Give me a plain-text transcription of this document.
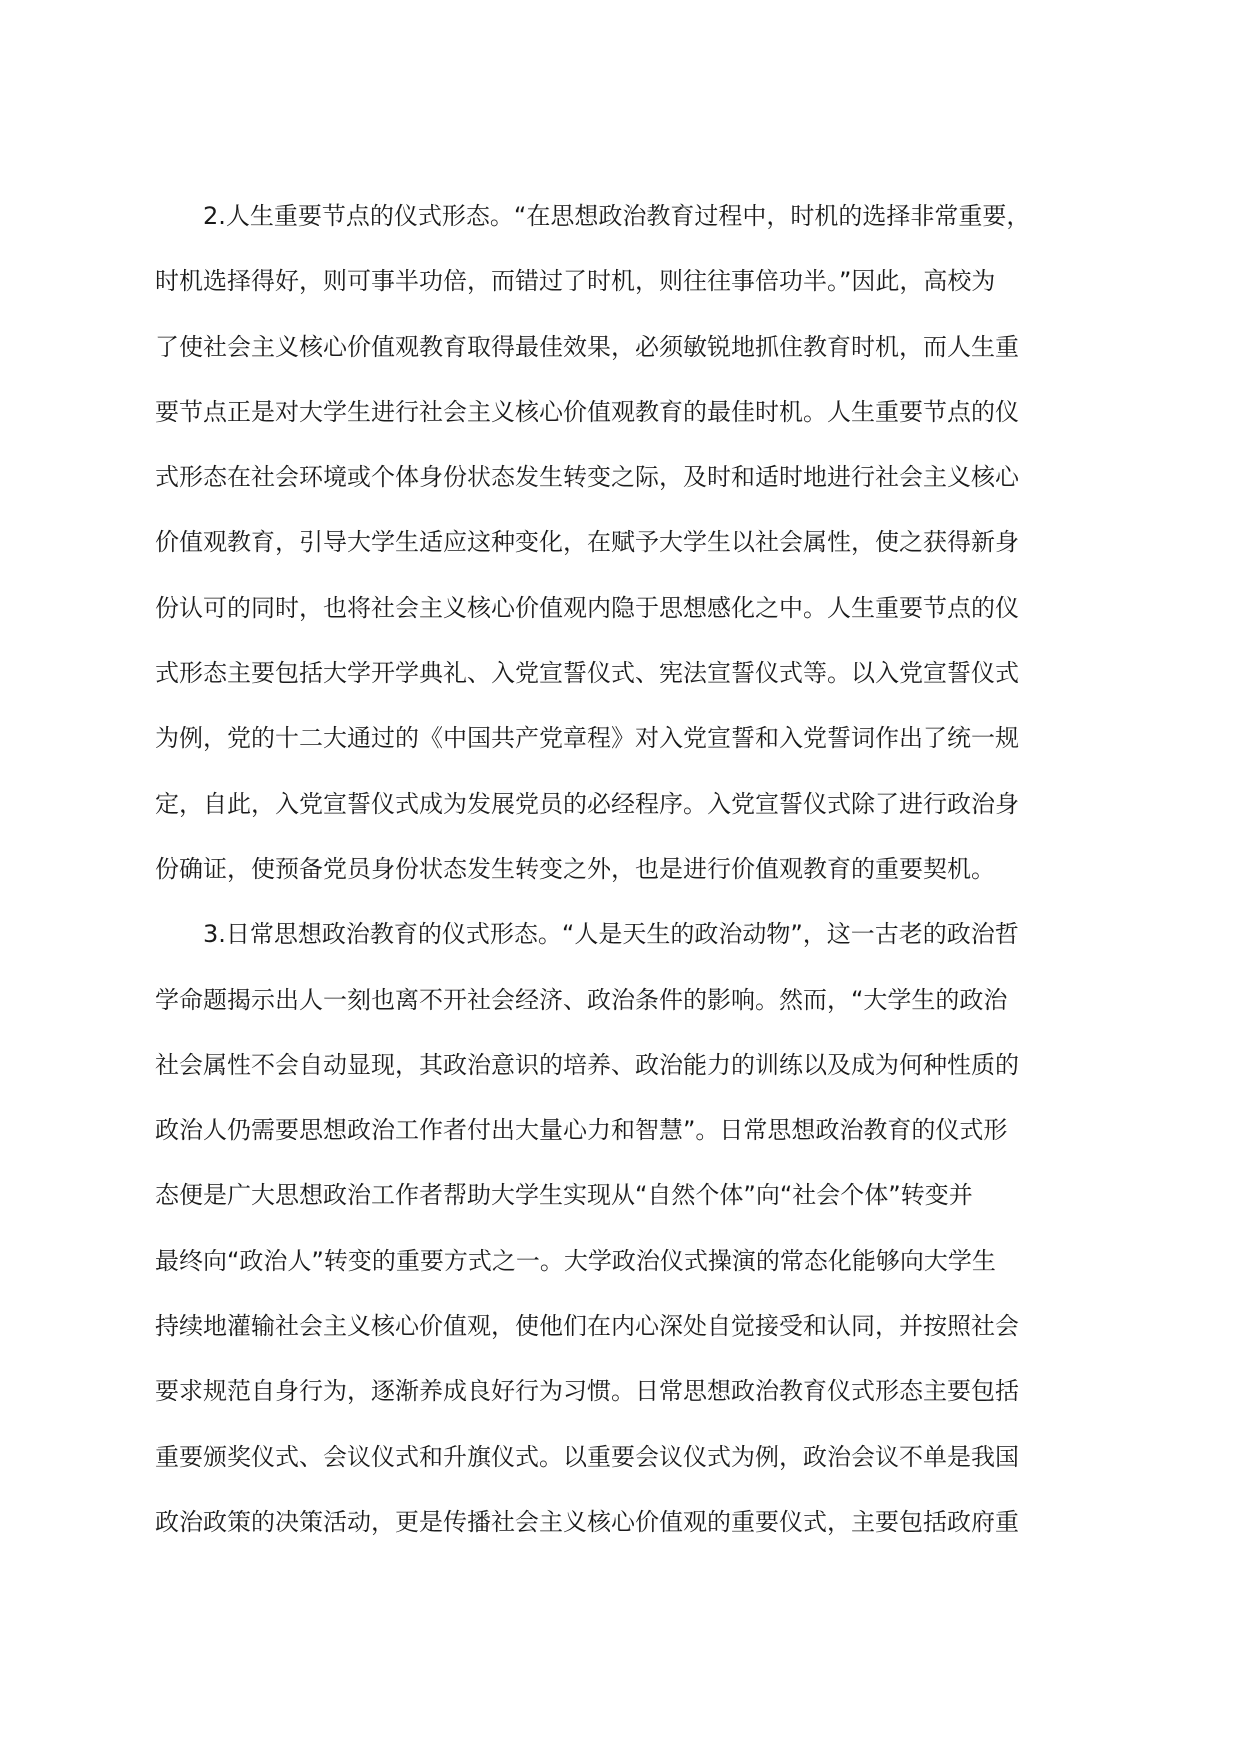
2.人生重要节点的仪式形态。“在思想政治教育过程中，时机的选择非常重要，
时机选择得好，则可事半功倍，而错过了时机，则往往事倍功半。”因此，高校为
了使社会主义核心价值观教育取得最佳效果，必须敏锐地抓住教育时机，而人生重
要节点正是对大学生进行社会主义核心价值观教育的最佳时机。人生重要节点的仪
式形态在社会环境或个体身份状态发生转变之际，及时和适时地进行社会主义核心
价值观教育，引导大学生适应这种变化，在赋予大学生以社会属性，使之获得新身
份认可的同时，也将社会主义核心价值观内隐于思想感化之中。人生重要节点的仪
式形态主要包括大学开学典礼、入党宣誓仪式、宪法宣誓仪式等。以入党宣誓仪式
为例，党的十二大通过的《中国共产党章程》对入党宣誓和入党誓词作出了统一规
定，自此，入党宣誓仪式成为发展党员的必经程序。入党宣誓仪式除了进行政治身
份确证，使预备党员身份状态发生转变之外，也是进行价值观教育的重要契机。
3.日常思想政治教育的仪式形态。“人是天生的政治动物”，这一古老的政治哲
学命题揭示出人一刻也离不开社会经济、政治条件的影响。然而，“大学生的政治
社会属性不会自动显现，其政治意识的培养、政治能力的训练以及成为何种性质的
政治人仍需要思想政治工作者付出大量心力和智慧”。日常思想政治教育的仪式形
态便是广大思想政治工作者帮助大学生实现从“自然个体”向“社会个体”转变并
最终向“政治人”转变的重要方式之一。大学政治仪式操演的常态化能够向大学生
持续地灌输社会主义核心价值观，使他们在内心深处自觉接受和认同，并按照社会
要求规范自身行为，逐渐养成良好行为习惯。日常思想政治教育仪式形态主要包括
重要颁奖仪式、会议仪式和升旗仪式。以重要会议仪式为例，政治会议不单是我国
政治政策的决策活动，更是传播社会主义核心价值观的重要仪式，主要包括政府重
